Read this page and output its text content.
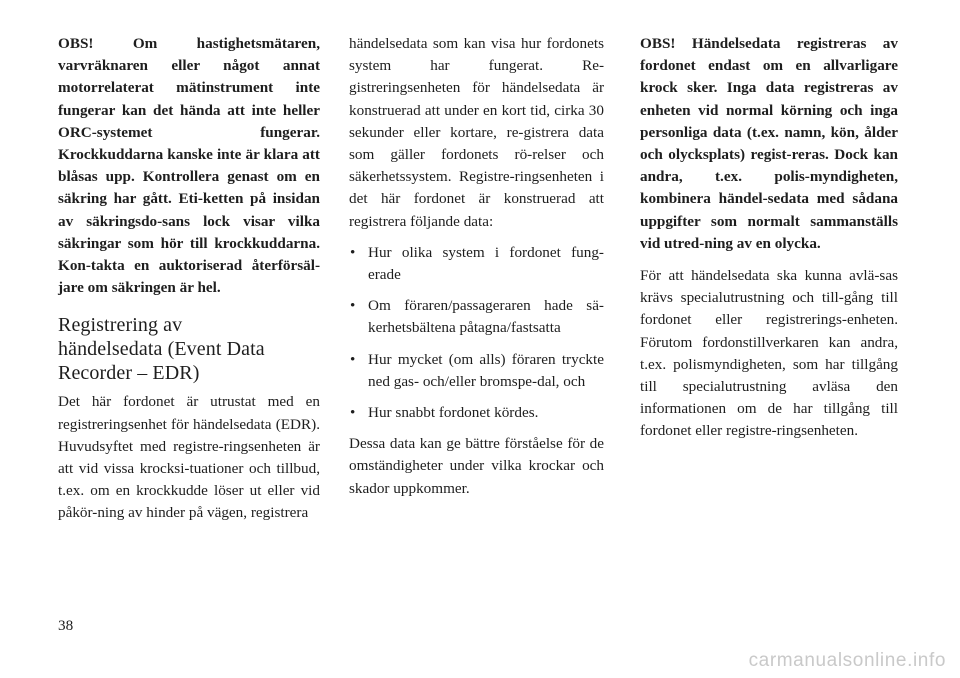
OBS! Om hastighetsmätaren, varvräknaren eller något annat motorrelaterat mätinstrument inte fungerar kan det hända att inte heller ORC-systemet fungerar. Krockkuddarna kanske inte är klara att blåsas upp. Kontrollera genast om en säkring har gått. Eti-ketten på insidan av säkringsdo-sans lock visar vilka säkringar som hör till krockkuddarna. Kon-takta en auktoriserad återförsäl-jare om säkringen är hel.

Registrering av
händelsedata (Event Data
Recorder – EDR)

Det här fordonet är utrustat med en registreringsenhet för händelsedata (EDR). Huvudsyftet med registre-ringsenheten är att vid vissa krocksi-tuationer och tillbud, t.ex. om en krockkudde löser ut eller vid påkör-ning av hinder på vägen, registrera

händelsedata som kan visa hur fordonets system har fungerat. Re-gistreringsenheten för händelsedata är konstruerad att under en kort tid, cirka 30 sekunder eller kortare, re-gistrera data som gäller fordonets rö-relser och säkerhetssystem. Registre-ringsenheten i det här fordonet är konstruerad att registrera följande data:

• Hur olika system i fordonet fung-erade
• Om föraren/passageraren hade sä-kerhetsbältena påtagna/fastsatta
• Hur mycket (om alls) föraren tryckte ned gas- och/eller bromspe-dal, och
• Hur snabbt fordonet kördes.

Dessa data kan ge bättre förståelse för de omständigheter under vilka krockar och skador uppkommer.

OBS! Händelsedata registreras av fordonet endast om en allvarligare krock sker. Inga data registreras av enheten vid normal körning och inga personliga data (t.ex. namn, kön, ålder och olycksplats) regist-reras. Dock kan andra, t.ex. polis-myndigheten, kombinera händel-sedata med sådana uppgifter som normalt sammanställs vid utred-ning av en olycka.

För att händelsedata ska kunna avlä-sas krävs specialutrustning och till-gång till fordonet eller registrerings-enheten. Förutom fordonstillverkaren kan andra, t.ex. polismyndigheten, som har tillgång till specialutrustning avläsa den informationen om de har tillgång till fordonet eller registre-ringsenheten.

38
carmanualsonline.info
